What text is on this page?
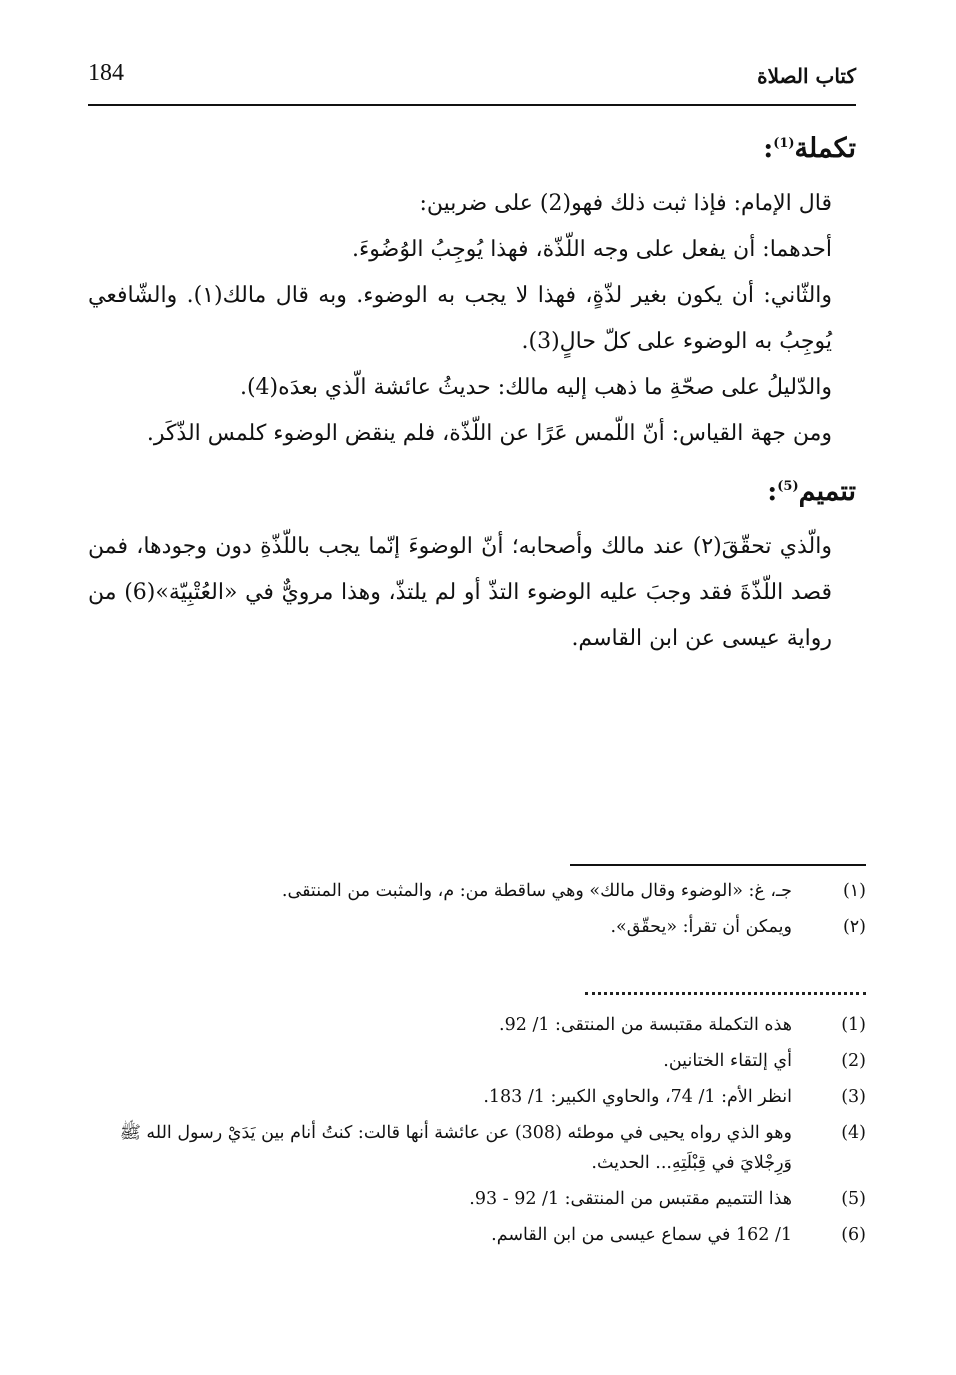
184	كتاب الصلاة
تكملة$^{(1)}$:

قال الإمام: فإذا ثبت ذلك فهو(2) على ضربين:

أحدهما: أن يفعل على وجه اللّذّة، فهذا يُوجِبُ الوُضُوءَ.

والثّاني: أن يكون بغير لذّةٍ، فهذا لا يجب به الوضوء. وبه قال مالك(١). والشّافعي يُوجِبُ به الوضوء على كلّ حالٍ(3).

والدّليلُ على صحّةِ ما ذهب إليه مالك: حديثُ عائشة الّذي بعدَه(4).

ومن جهة القياس: أنّ اللّمس عَرًا عن اللّذّة، فلم ينقض الوضوء كلمس الذّكَر.

تتميم$^{(5)}$:

والّذي تحقّقَ(٢) عند مالك وأصحابه؛ أنّ الوضوءَ إنّما يجب باللّذّةِ دون وجودها، فمن قصد اللّذّةَ فقد وجبَ عليه الوضوء التذّ أو لم يلتذّ، وهذا مرويٌّ في «العُتْبِيّة»(6) من رواية عيسى عن ابن القاسم.

(١)
جـ، غ: «الوضوء وقال مالك» وهي ساقطة من: م، والمثبت من المنتقى.
(٢)
ويمكن أن تقرأ: «يحقّق».
(1)
هذه التكملة مقتبسة من المنتقى: 1/ 92.
(2)
أي إلتقاء الختانين.
(3)
انظر الأم: 1/ 74، والحاوي الكبير: 1/ 183.
(4)
وهو الذي رواه يحيى في موطئه (308) عن عائشة أنها قالت: كنتُ أنام بين يَدَيْ رسول الله ﷺ وَرِجْلايَ في قِبْلَتِهِ... الحديث.
(5)
هذا التتميم مقتبس من المنتقى: 1/ 92 - 93.
(6)
1/ 162 في سماع عيسى من ابن القاسم.
